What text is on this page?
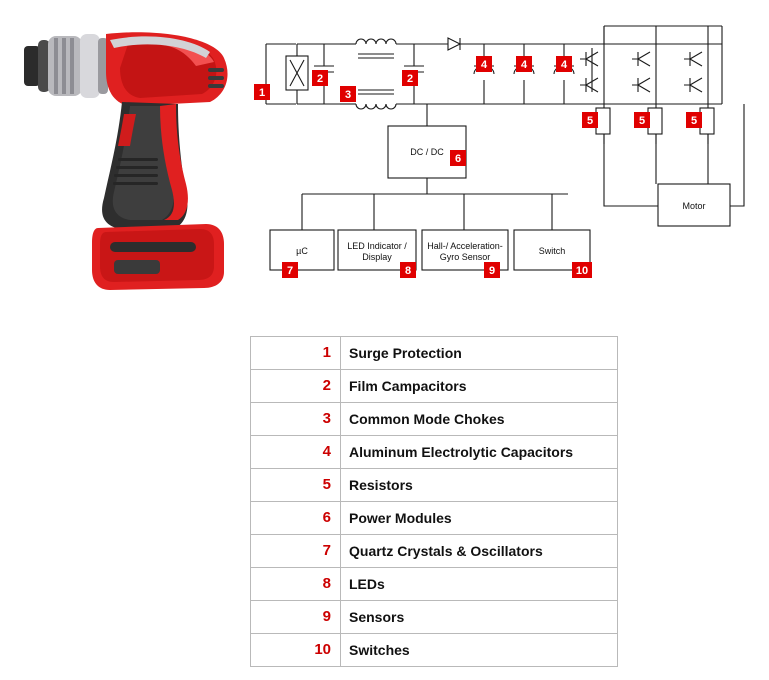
DC / DC
µC	LED Indicator /
Display
Hall-/ Acceleration-
Gyro Sensor
Switch
Motor
1
2
3
2
4	4	4
5	5	5
6
7	8	9	10
1	Surge Protection
2	Film Campacitors
3	Common Mode Chokes
4	Aluminum Electrolytic Capacitors
5	Resistors
6	Power Modules
7	Quartz Crystals & Oscillators
8	LEDs
9	Sensors
10	Switches
